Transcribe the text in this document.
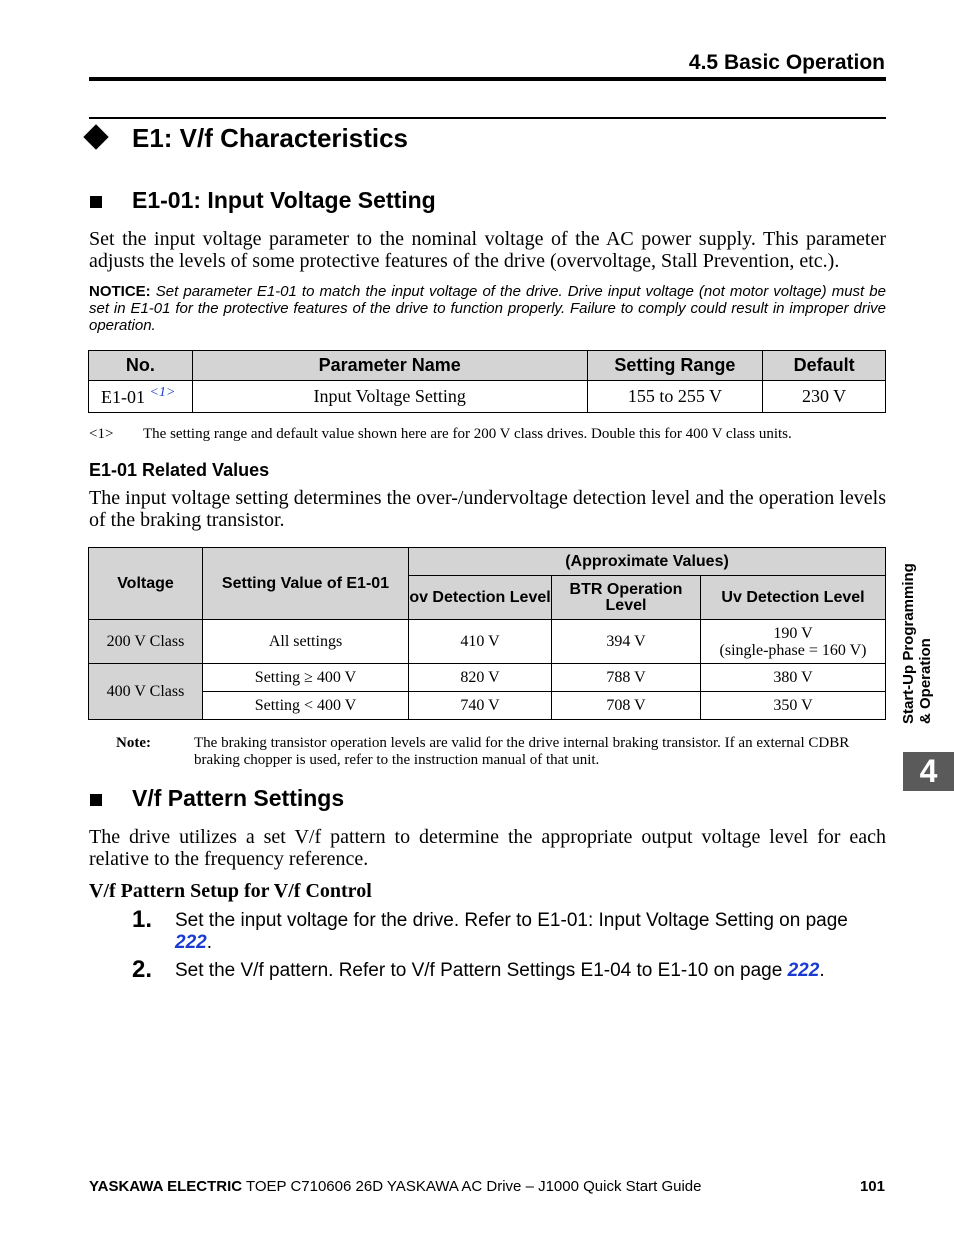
4.5 Basic Operation
E1: V/f Characteristics
E1-01: Input Voltage Setting

Set the input voltage parameter to the nominal voltage of the AC power supply. This parameter adjusts the levels of some protective features of the drive (overvoltage, Stall Prevention, etc.).

NOTICE: Set parameter E1-01 to match the input voltage of the drive. Drive input voltage (not motor voltage) must be set in E1-01 for the protective features of the drive to function properly. Failure to comply could result in improper drive operation.
No.	Parameter Name	Setting Range	Default
E1-01 $^{<1>}$	Input Voltage Setting	155 to 255 V	230 V
<1> The setting range and default value shown here are for 200 V class drives. Double this for 400 V class units.
E1-01 Related Values

The input voltage setting determines the over-/undervoltage detection level and the operation levels of the braking transistor.

Voltage	Setting Value of E1-01	(Approximate Values)		
		ov Detection Level	BTR Operation Level	Uv Detection Level
200 V Class	All settings	410 V	394 V	190 V
(single-phase = 160 V)

400 V Class	Setting ≥ 400 V	820 V	788 V	380 V
	Setting < 400 V	740 V	708 V	350 V
Note:	The braking transistor operation levels are valid for the drive internal braking transistor. If an external CDBR braking chopper is used, refer to the instruction manual of that unit.
V/f Pattern Settings

The drive utilizes a set V/f pattern to determine the appropriate output voltage level for each relative to the frequency reference.

V/f Pattern Setup for V/f Control
1. Set the input voltage for the drive. Refer to E1-01: Input Voltage Setting on page 222.
2. Set the V/f pattern. Refer to V/f Pattern Settings E1-04 to E1-10 on page 222.
Start-Up Programming & Operation
4
YASKAWA ELECTRIC TOEP C710606 26D YASKAWA AC Drive – J1000 Quick Start Guide	101
